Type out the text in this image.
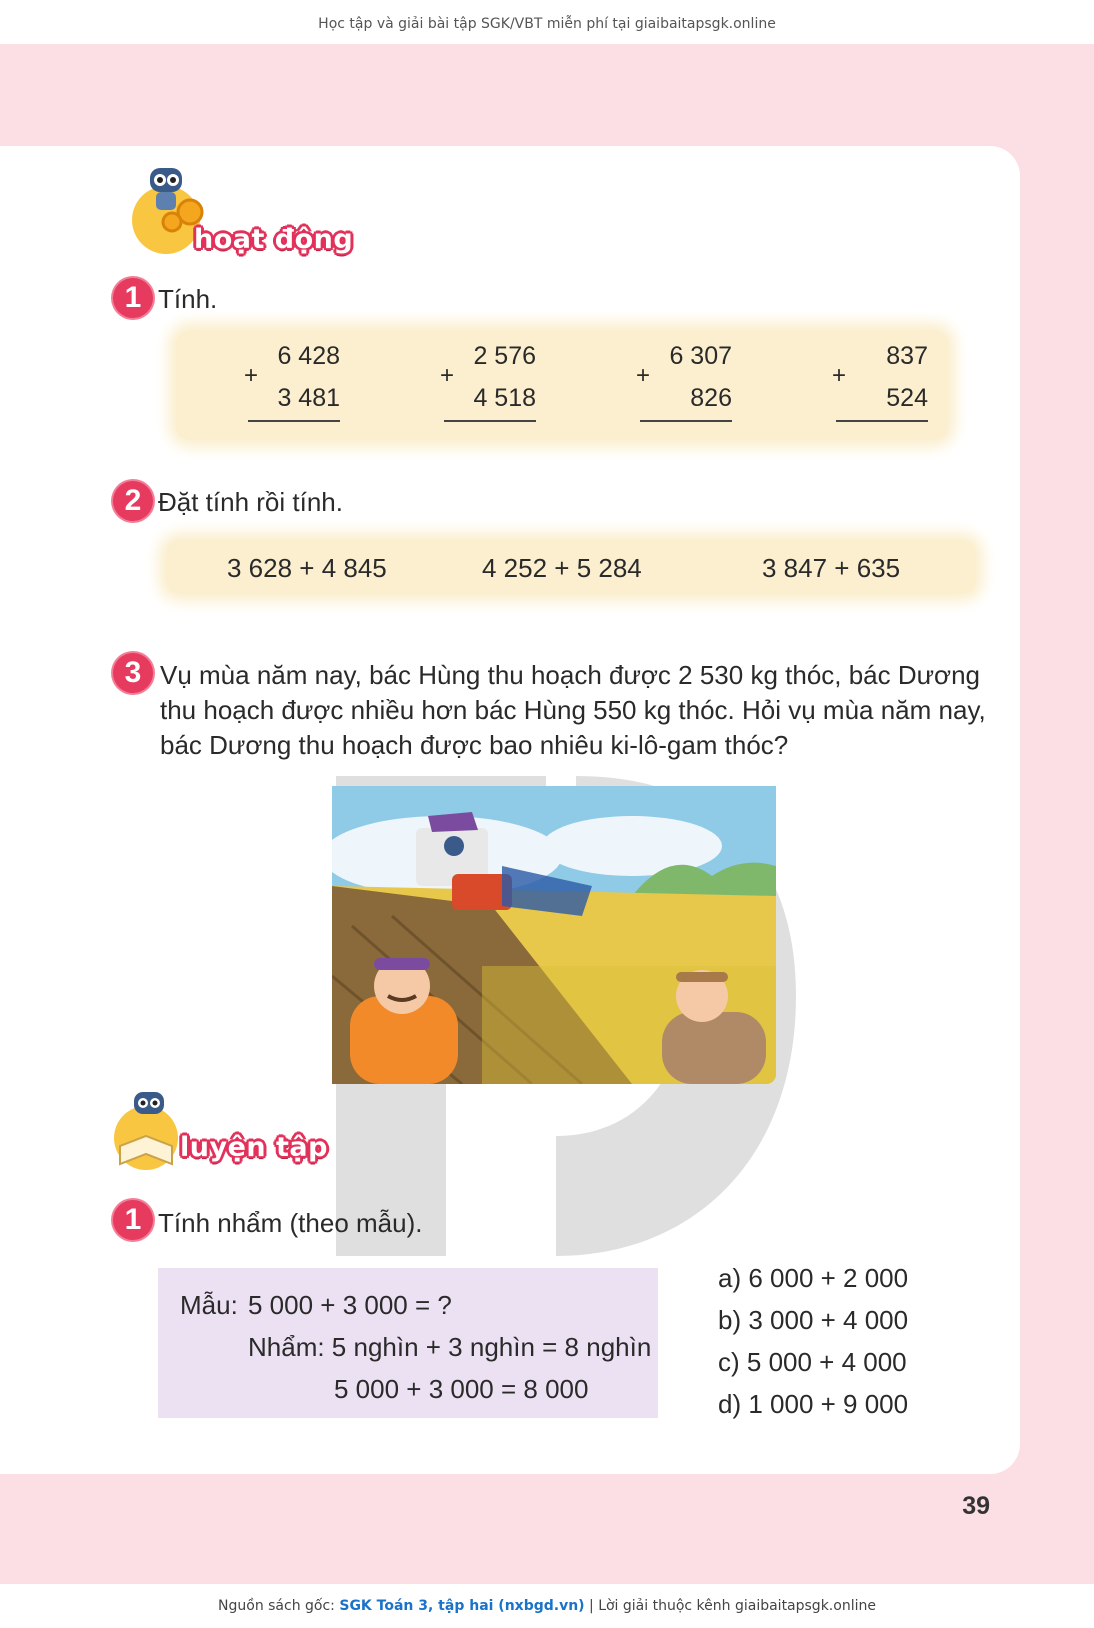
Học tập và giải bài tập SGK/VBT miễn phí tại giaibaitapsgk.online
hoạt động
1 Tính.
6 428
+
3 481
2 576
+
4 518
6 307
+
826
837
+
524
2 Đặt tính rồi tính.
3 628 + 4 845	4 252 + 5 284	3 847 + 635
3 Vụ mùa năm nay, bác Hùng thu hoạch được 2 530 kg thóc, bác Dương thu hoạch được nhiều hơn bác Hùng 550 kg thóc. Hỏi vụ mùa năm nay, bác Dương thu hoạch được bao nhiêu ki-lô-gam thóc?
luyện tập
1 Tính nhẩm (theo mẫu).
Mẫu: 5 000 + 3 000 = ?
Nhẩm: 5 nghìn + 3 nghìn = 8 nghìn
5 000 + 3 000 = 8 000
a) 6 000 + 2 000
b) 3 000 + 4 000
c) 5 000 + 4 000
d) 1 000 + 9 000
39
Nguồn sách gốc: SGK Toán 3, tập hai (nxbgd.vn) | Lời giải thuộc kênh giaibaitapsgk.online
